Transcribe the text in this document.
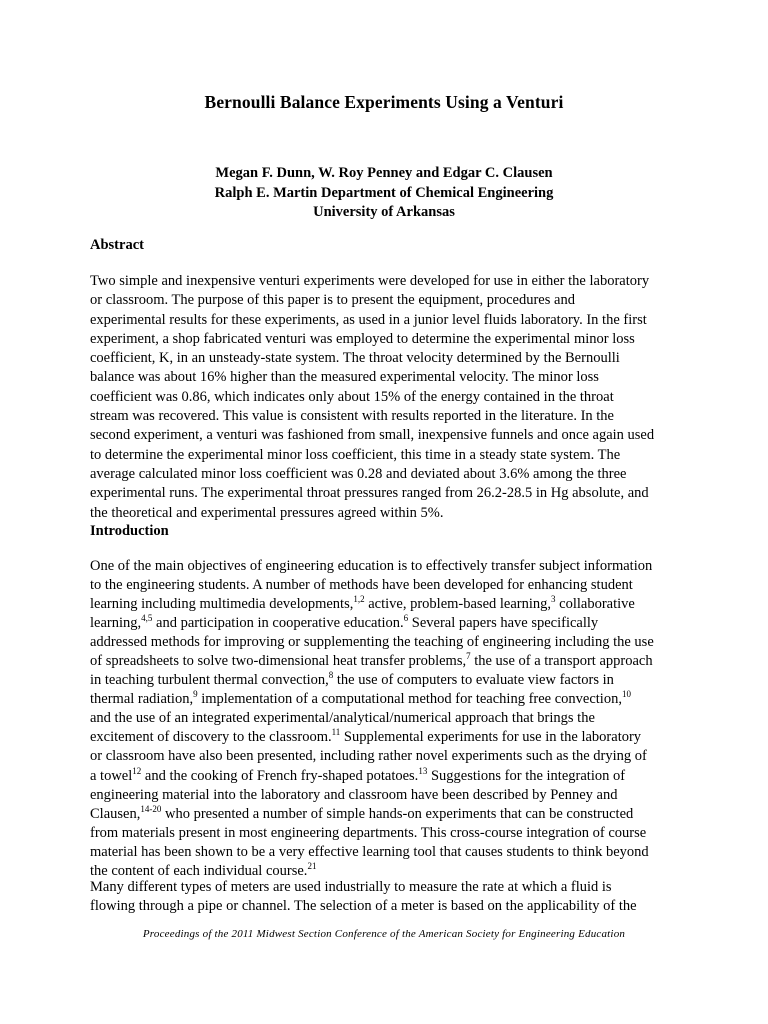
Bernoulli Balance Experiments Using a Venturi
Megan F. Dunn, W. Roy Penney and Edgar C. Clausen
Ralph E. Martin Department of Chemical Engineering
University of Arkansas
Abstract
Two simple and inexpensive venturi experiments were developed for use in either the laboratory
or classroom. The purpose of this paper is to present the equipment, procedures and
experimental results for these experiments, as used in a junior level fluids laboratory. In the first
experiment, a shop fabricated venturi was employed to determine the experimental minor loss
coefficient, K, in an unsteady-state system. The throat velocity determined by the Bernoulli
balance was about 16% higher than the measured experimental velocity. The minor loss
coefficient was 0.86, which indicates only about 15% of the energy contained in the throat
stream was recovered. This value is consistent with results reported in the literature. In the
second experiment, a venturi was fashioned from small, inexpensive funnels and once again used
to determine the experimental minor loss coefficient, this time in a steady state system. The
average calculated minor loss coefficient was 0.28 and deviated about 3.6% among the three
experimental runs. The experimental throat pressures ranged from 26.2-28.5 in Hg absolute, and
the theoretical and experimental pressures agreed within 5%.
Introduction
One of the main objectives of engineering education is to effectively transfer subject information
to the engineering students. A number of methods have been developed for enhancing student
learning including multimedia developments,$^{1,2}$ active, problem-based learning,$^3$ collaborative
learning,$^{4,5}$ and participation in cooperative education.$^6$ Several papers have specifically
addressed methods for improving or supplementing the teaching of engineering including the use
of spreadsheets to solve two-dimensional heat transfer problems,$^7$ the use of a transport approach
in teaching turbulent thermal convection,$^8$ the use of computers to evaluate view factors in
thermal radiation,$^9$ implementation of a computational method for teaching free convection,$^{10}$
and the use of an integrated experimental/analytical/numerical approach that brings the
excitement of discovery to the classroom.$^{11}$ Supplemental experiments for use in the laboratory
or classroom have also been presented, including rather novel experiments such as the drying of
a towel$^{12}$ and the cooking of French fry-shaped potatoes.$^{13}$ Suggestions for the integration of
engineering material into the laboratory and classroom have been described by Penney and
Clausen,$^{14-20}$ who presented a number of simple hands-on experiments that can be constructed
from materials present in most engineering departments. This cross-course integration of course
material has been shown to be a very effective learning tool that causes students to think beyond
the content of each individual course.$^{21}$
Many different types of meters are used industrially to measure the rate at which a fluid is
flowing through a pipe or channel. The selection of a meter is based on the applicability of the
Proceedings of the 2011 Midwest Section Conference of the American Society for Engineering Education
